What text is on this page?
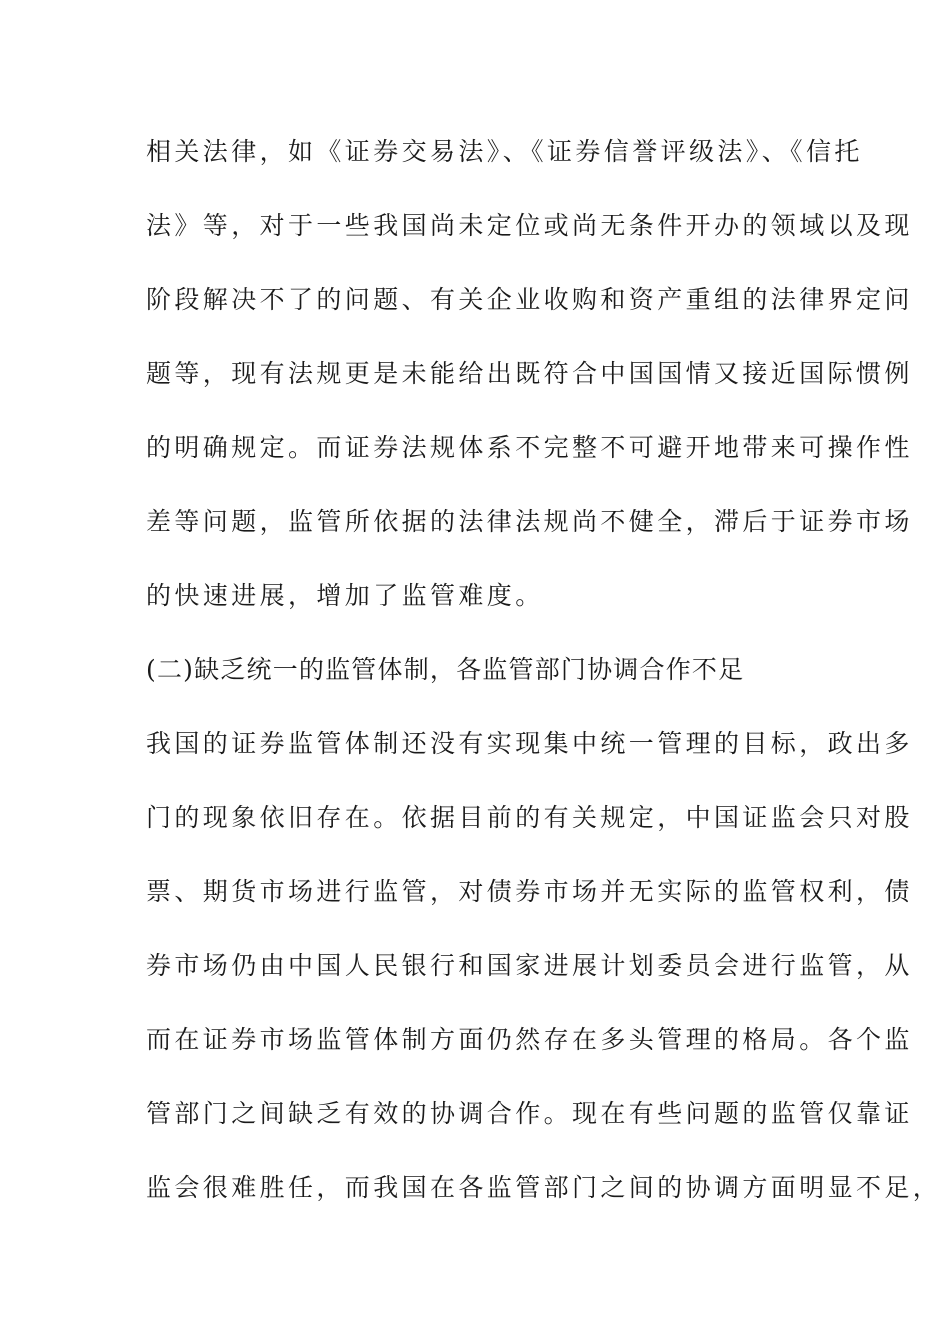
相关法律，如《证券交易法》、《证券信誉评级法》、《信托
法》等，对于一些我国尚未定位或尚无条件开办的领域以及现
阶段解决不了的问题、有关企业收购和资产重组的法律界定问
题等，现有法规更是未能给出既符合中国国情又接近国际惯例
的明确规定。而证券法规体系不完整不可避开地带来可操作性
差等问题，监管所依据的法律法规尚不健全，滞后于证券市场
的快速进展，增加了监管难度。
(二)缺乏统一的监管体制，各监管部门协调合作不足
我国的证券监管体制还没有实现集中统一管理的目标，政出多
门的现象依旧存在。依据目前的有关规定，中国证监会只对股
票、期货市场进行监管，对债券市场并无实际的监管权利，债
券市场仍由中国人民银行和国家进展计划委员会进行监管，从
而在证券市场监管体制方面仍然存在多头管理的格局。各个监
管部门之间缺乏有效的协调合作。现在有些问题的监管仅靠证
监会很难胜任，而我国在各监管部门之间的协调方面明显不足，
